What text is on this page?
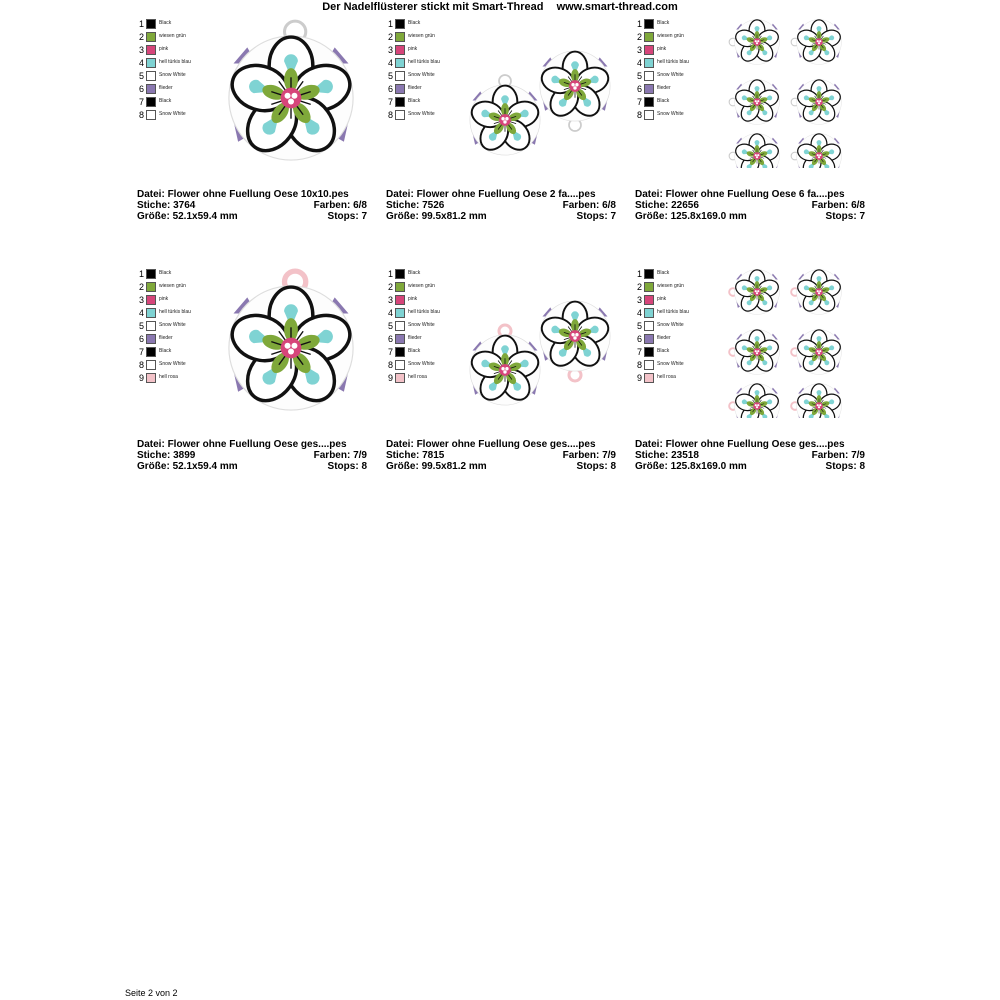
Der Nadelflüsterer stickt mit Smart-Thread www.smart-thread.com
1	Black
2	wiesen grün
3	pink
4	hell türkis blau
5	Snow White
6	flieder
7	Black
8	Snow White
Datei: Flower ohne Fuellung Oese 10x10.pes
Stiche: 3764	Farben: 6/8
Größe: 52.1x59.4 mm	Stops: 7
1	Black
2	wiesen grün
3	pink
4	hell türkis blau
5	Snow White
6	flieder
7	Black
8	Snow White
Datei: Flower ohne Fuellung Oese 2 fa....pes
Stiche: 7526	Farben: 6/8
Größe: 99.5x81.2 mm	Stops: 7
1	Black
2	wiesen grün
3	pink
4	hell türkis blau
5	Snow White
6	flieder
7	Black
8	Snow White
Datei: Flower ohne Fuellung Oese 6 fa....pes
Stiche: 22656	Farben: 6/8
Größe: 125.8x169.0 mm	Stops: 7
1	Black
2	wiesen grün
3	pink
4	hell türkis blau
5	Snow White
6	flieder
7	Black
8	Snow White
9	hell rosa
Datei: Flower ohne Fuellung Oese ges....pes
Stiche: 3899	Farben: 7/9
Größe: 52.1x59.4 mm	Stops: 8
1	Black
2	wiesen grün
3	pink
4	hell türkis blau
5	Snow White
6	flieder
7	Black
8	Snow White
9	hell rosa
Datei: Flower ohne Fuellung Oese ges....pes
Stiche: 7815	Farben: 7/9
Größe: 99.5x81.2 mm	Stops: 8
1	Black
2	wiesen grün
3	pink
4	hell türkis blau
5	Snow White
6	flieder
7	Black
8	Snow White
9	hell rosa
Datei: Flower ohne Fuellung Oese ges....pes
Stiche: 23518	Farben: 7/9
Größe: 125.8x169.0 mm	Stops: 8
Seite 2 von 2
